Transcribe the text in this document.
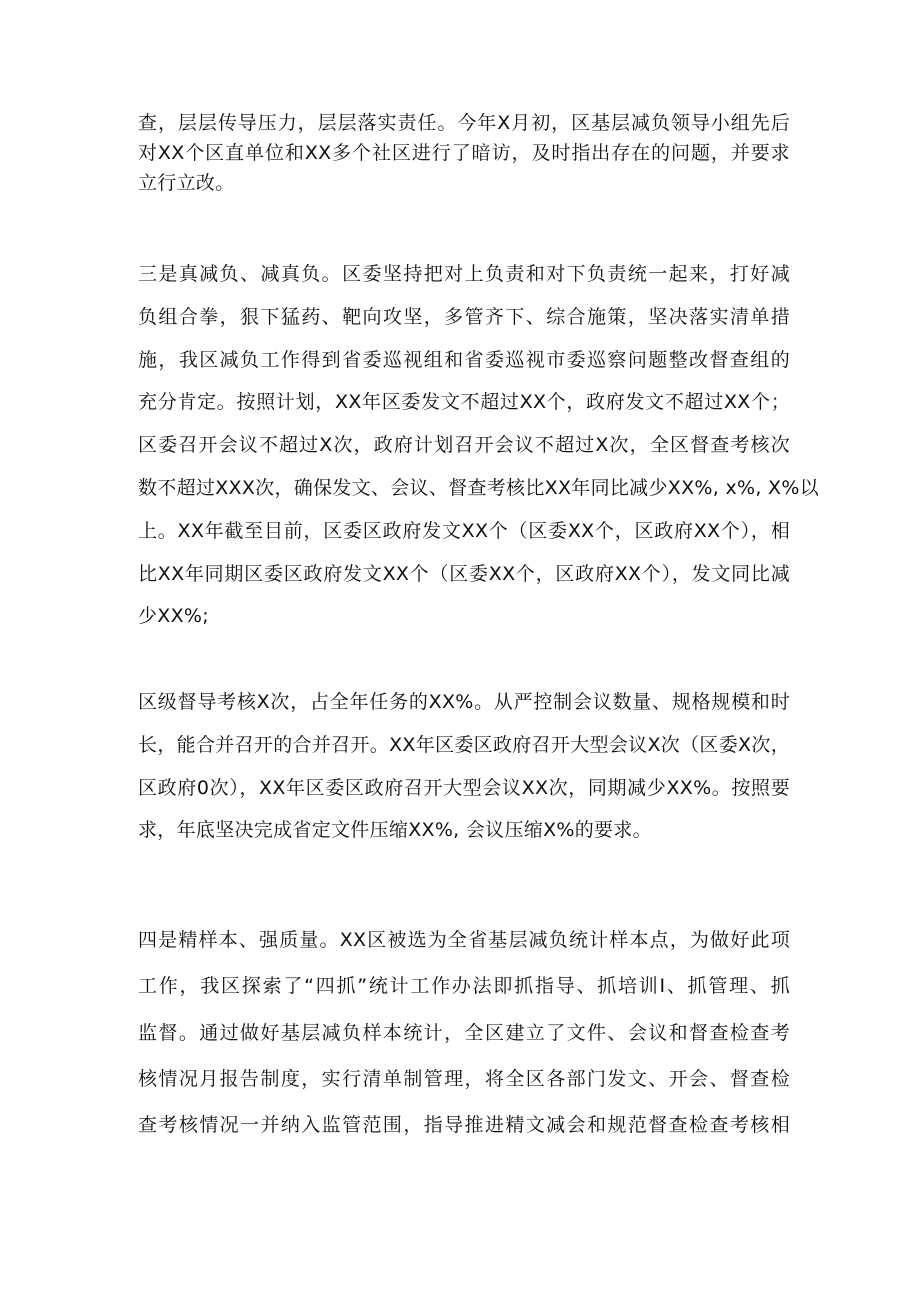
查，层层传导压力，层层落实责任。今年X月初，区基层减负领导小组先后
对XX个区直单位和XX多个社区进行了暗访，及时指出存在的问题，并要求
立行立改。
三是真减负、减真负。区委坚持把对上负责和对下负责统一起来，打好减
负组合拳，狠下猛药、靶向攻坚，多管齐下、综合施策，坚决落实清单措
施，我区减负工作得到省委巡视组和省委巡视市委巡察问题整改督查组的
充分肯定。按照计划，XX年区委发文不超过XX个，政府发文不超过XX个；
区委召开会议不超过X次，政府计划召开会议不超过X次，全区督查考核次
数不超过XXX次，确保发文、会议、督查考核比XX年同比减少XX%, x%, X%以
上。XX年截至目前，区委区政府发文XX个（区委XX个，区政府XX个），相
比XX年同期区委区政府发文XX个（区委XX个，区政府XX个），发文同比减
少XX%;
区级督导考核X次，占全年任务的XX%。从严控制会议数量、规格规模和时
长，能合并召开的合并召开。XX年区委区政府召开大型会议X次（区委X次，
区政府0次），XX年区委区政府召开大型会议XX次，同期减少XX%。按照要
求，年底坚决完成省定文件压缩XX%, 会议压缩X%的要求。
四是精样本、强质量。XX区被选为全省基层减负统计样本点，为做好此项
工作，我区探索了“四抓”统计工作办法即抓指导、抓培训I、抓管理、抓
监督。通过做好基层减负样本统计，全区建立了文件、会议和督查检查考
核情况月报告制度，实行清单制管理，将全区各部门发文、开会、督查检
查考核情况一并纳入监管范围，指导推进精文减会和规范督查检查考核相
